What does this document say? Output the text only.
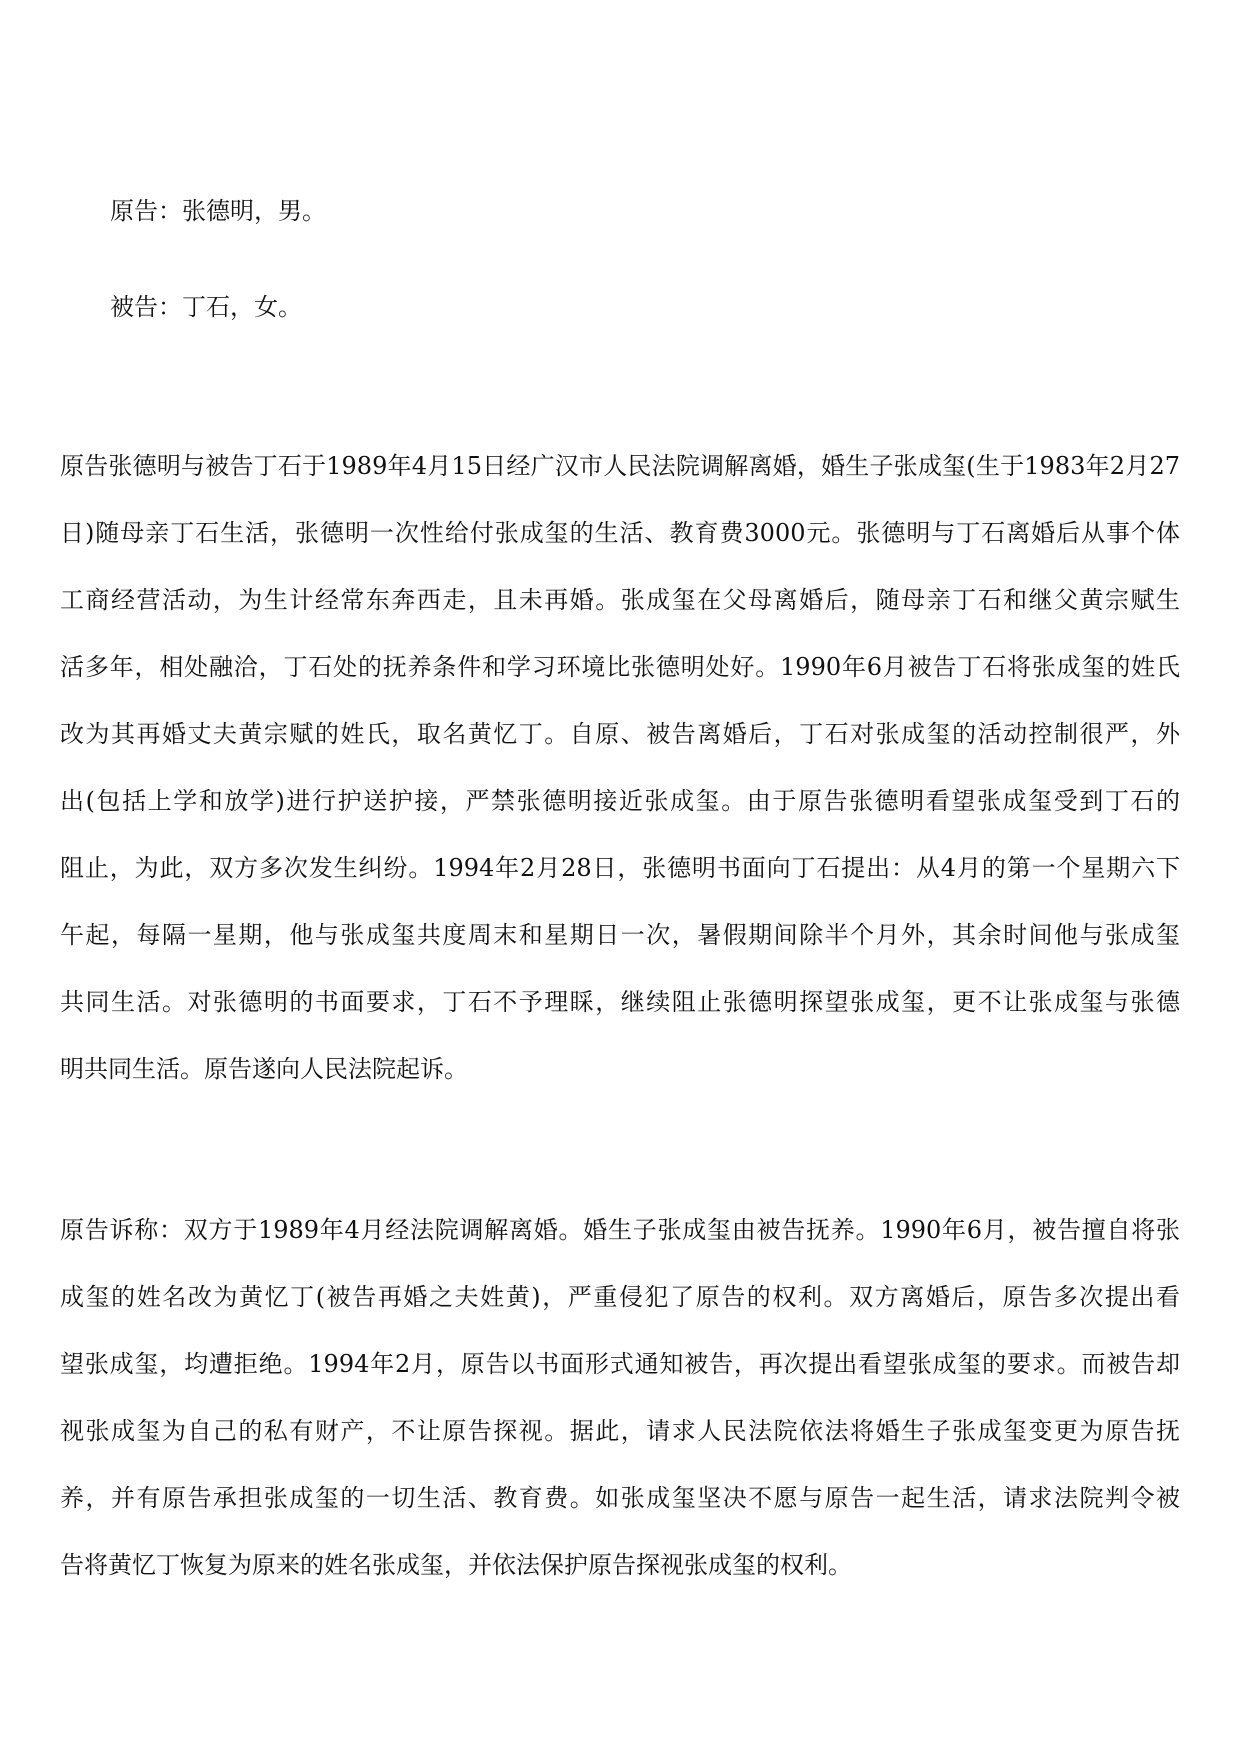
原告：张德明，男。
被告：丁石，女。
原告张德明与被告丁石于1989年4月15日经广汉市人民法院调解离婚，婚生子张成玺(生于1983年2月27
日)随母亲丁石生活，张德明一次性给付张成玺的生活、教育费3000元。张德明与丁石离婚后从事个体
工商经营活动，为生计经常东奔西走，且未再婚。张成玺在父母离婚后，随母亲丁石和继父黄宗赋生
活多年，相处融洽，丁石处的抚养条件和学习环境比张德明处好。1990年6月被告丁石将张成玺的姓氏
改为其再婚丈夫黄宗赋的姓氏，取名黄忆丁。自原、被告离婚后，丁石对张成玺的活动控制很严，外
出(包括上学和放学)进行护送护接，严禁张德明接近张成玺。由于原告张德明看望张成玺受到丁石的
阻止，为此，双方多次发生纠纷。1994年2月28日，张德明书面向丁石提出：从4月的第一个星期六下
午起，每隔一星期，他与张成玺共度周末和星期日一次，暑假期间除半个月外，其余时间他与张成玺
共同生活。对张德明的书面要求，丁石不予理睬，继续阻止张德明探望张成玺，更不让张成玺与张德
明共同生活。原告遂向人民法院起诉。
原告诉称：双方于1989年4月经法院调解离婚。婚生子张成玺由被告抚养。1990年6月，被告擅自将张
成玺的姓名改为黄忆丁(被告再婚之夫姓黄)，严重侵犯了原告的权利。双方离婚后，原告多次提出看
望张成玺，均遭拒绝。1994年2月，原告以书面形式通知被告，再次提出看望张成玺的要求。而被告却
视张成玺为自己的私有财产，不让原告探视。据此，请求人民法院依法将婚生子张成玺变更为原告抚
养，并有原告承担张成玺的一切生活、教育费。如张成玺坚决不愿与原告一起生活，请求法院判令被
告将黄忆丁恢复为原来的姓名张成玺，并依法保护原告探视张成玺的权利。
